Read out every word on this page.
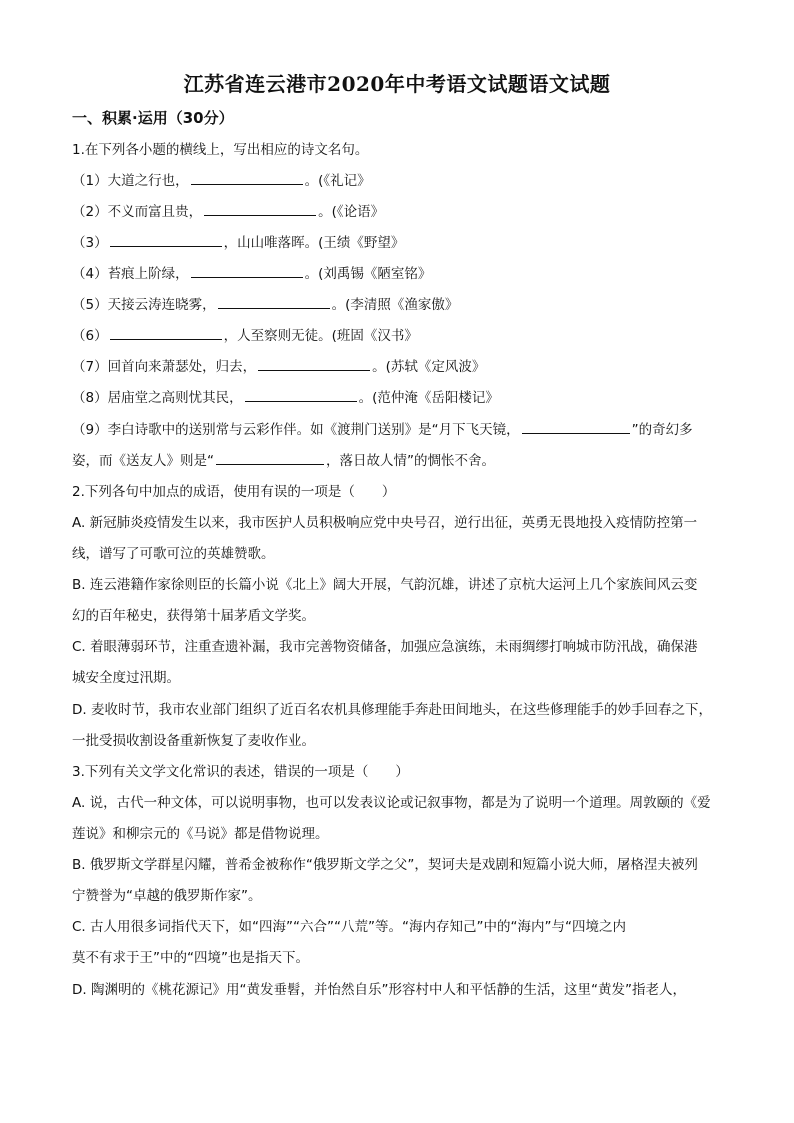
江苏省连云港市2020年中考语文试题语文试题
一、积累·运用（30分）
1.在下列各小题的横线上，写出相应的诗文名句。
（1）大道之行也，	。(《礼记》
（2）不义而富且贵，	。(《论语》
（3）	，山山唯落晖。(王绩《野望》
（4）苔痕上阶绿，	。(刘禹锡《陋室铭》
（5）天接云涛连晓雾，	。(李清照《渔家傲》
（6）	，人至察则无徒。(班固《汉书》
（7）回首向来萧瑟处，归去，	。(苏轼《定风波》
（8）居庙堂之高则忧其民，	。(范仲淹《岳阳楼记》
（9）李白诗歌中的送别常与云彩作伴。如《渡荆门送别》是“月下飞天镜，	”的奇幻多
姿，而《送友人》则是“	，落日故人情”的惆怅不舍。
2.下列各句中加点的成语，使用有误的一项是（　　）
A. 新冠肺炎疫情发生以来，我市医护人员积极响应党中央号召，逆行出征，英勇无畏地投入疫情防控第一
线，谱写了可歌可泣的英雄赞歌。
B. 连云港籍作家徐则臣的长篇小说《北上》阔大开展，气韵沉雄，讲述了京杭大运河上几个家族间风云变
幻的百年秘史，获得第十届茅盾文学奖。
C. 着眼薄弱环节，注重查遗补漏，我市完善物资储备，加强应急演练，未雨绸缪打响城市防汛战，确保港
城安全度过汛期。
D. 麦收时节，我市农业部门组织了近百名农机具修理能手奔赴田间地头，在这些修理能手的妙手回春之下，
一批受损收割设备重新恢复了麦收作业。
3.下列有关文学文化常识的表述，错误的一项是（　　）
A. 说，古代一种文体，可以说明事物，也可以发表议论或记叙事物，都是为了说明一个道理。周敦颐的《爱
莲说》和柳宗元的《马说》都是借物说理。
B. 俄罗斯文学群星闪耀，普希金被称作“俄罗斯文学之父”，契诃夫是戏剧和短篇小说大师，屠格涅夫被列
宁赞誉为“卓越的俄罗斯作家”。
C. 古人用很多词指代天下，如“四海”“六合”“八荒”等。“海内存知己”中的“海内”与“四境之内
莫不有求于王”中的“四境”也是指天下。
D. 陶渊明的《桃花源记》用“黄发垂髫，并怡然自乐”形容村中人和平恬静的生活，这里“黄发”指老人，
